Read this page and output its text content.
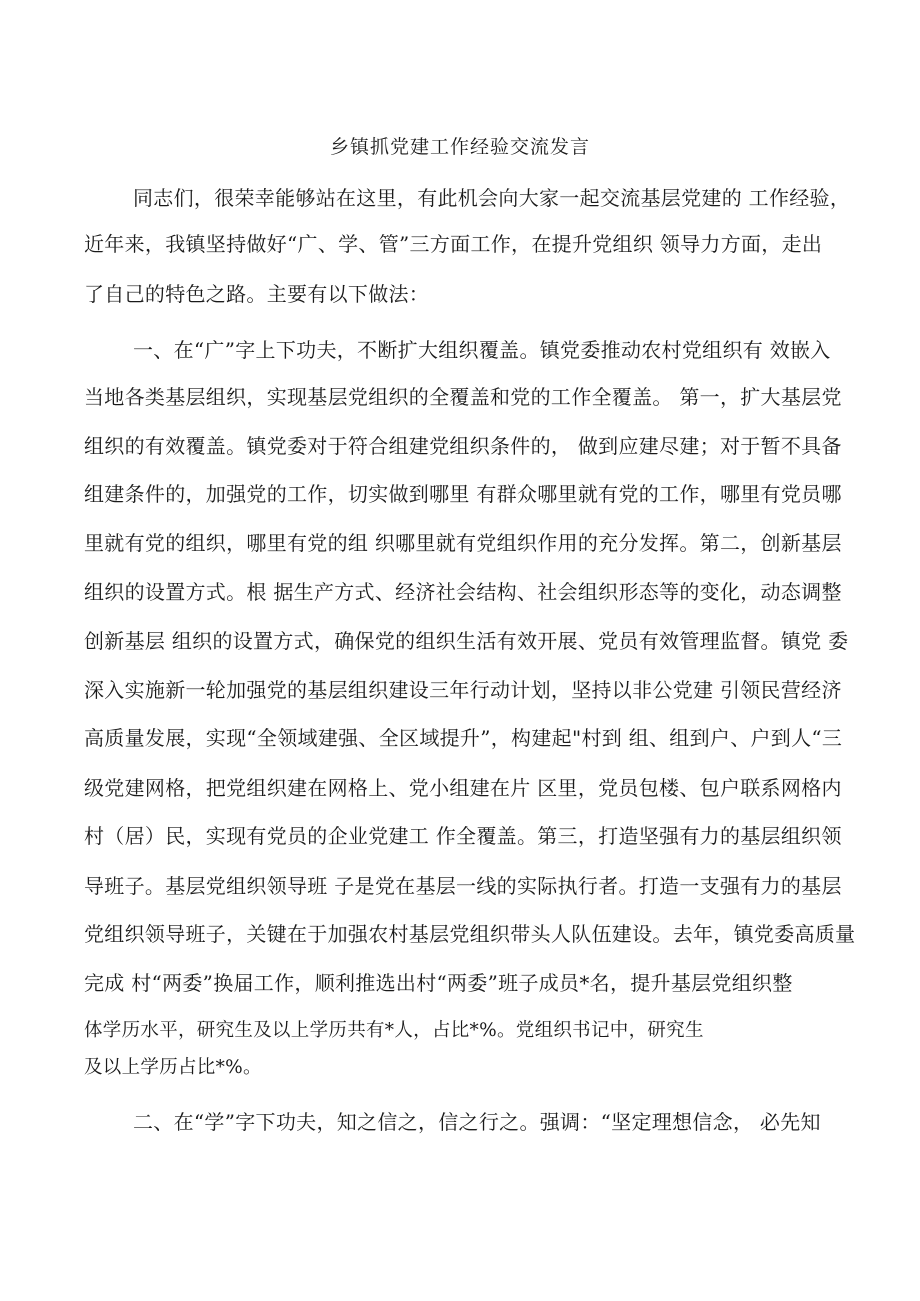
乡镇抓党建工作经验交流发言
同志们，很荣幸能够站在这里，有此机会向大家一起交流基层党建的 工作经验，
近年来，我镇坚持做好“广、学、管”三方面工作，在提升党组织 领导力方面，走出
了自己的特色之路。主要有以下做法：
一、在“广”字上下功夫，不断扩大组织覆盖。镇党委推动农村党组织有 效嵌入
当地各类基层组织，实现基层党组织的全覆盖和党的工作全覆盖。 第一，扩大基层党
组织的有效覆盖。镇党委对于符合组建党组织条件的， 做到应建尽建；对于暂不具备
组建条件的，加强党的工作，切实做到哪里 有群众哪里就有党的工作，哪里有党员哪
里就有党的组织，哪里有党的组 织哪里就有党组织作用的充分发挥。第二，创新基层
组织的设置方式。根 据生产方式、经济社会结构、社会组织形态等的变化，动态调整
创新基层 组织的设置方式，确保党的组织生活有效开展、党员有效管理监督。镇党 委
深入实施新一轮加强党的基层组织建设三年行动计划，坚持以非公党建 引领民营经济
高质量发展，实现“全领域建强、全区域提升”，构建起"村到 组、组到户、户到人“三
级党建网格，把党组织建在网格上、党小组建在片 区里，党员包楼、包户联系网格内
村（居）民，实现有党员的企业党建工 作全覆盖。第三，打造坚强有力的基层组织领
导班子。基层党组织领导班 子是党在基层一线的实际执行者。打造一支强有力的基层
党组织领导班子，关键在于加强农村基层党组织带头人队伍建设。去年，镇党委高质量
完成 村“两委”换届工作，顺利推选出村“两委”班子成员*名，提升基层党组织整
体学历水平，研究生及以上学历共有*人，占比*%。党组织书记中，研究生
及以上学历占比*%。
二、在“学”字下功夫，知之信之，信之行之。强调：“坚定理想信念， 必先知
